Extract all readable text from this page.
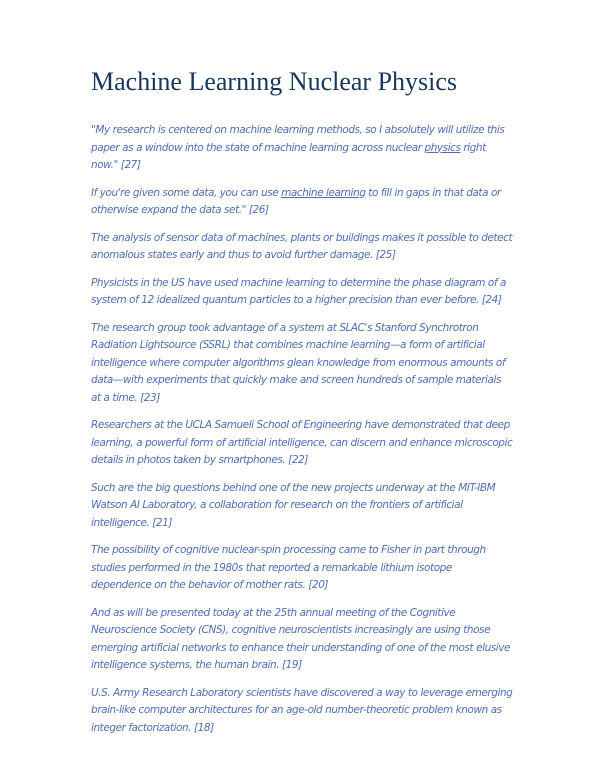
Machine Learning Nuclear Physics

"My research is centered on machine learning methods, so I absolutely will utilize this paper as a window into the state of machine learning across nuclear physics right now." [27]

If you're given some data, you can use machine learning to fill in gaps in that data or otherwise expand the data set." [26]

The analysis of sensor data of machines, plants or buildings makes it possible to detect anomalous states early and thus to avoid further damage. [25]

Physicists in the US have used machine learning to determine the phase diagram of a system of 12 idealized quantum particles to a higher precision than ever before. [24]

The research group took advantage of a system at SLAC's Stanford Synchrotron Radiation Lightsource (SSRL) that combines machine learning—a form of artificial intelligence where computer algorithms glean knowledge from enormous amounts of data—with experiments that quickly make and screen hundreds of sample materials at a time. [23]

Researchers at the UCLA Samueli School of Engineering have demonstrated that deep learning, a powerful form of artificial intelligence, can discern and enhance microscopic details in photos taken by smartphones. [22]

Such are the big questions behind one of the new projects underway at the MIT-IBM Watson AI Laboratory, a collaboration for research on the frontiers of artificial intelligence. [21]

The possibility of cognitive nuclear-spin processing came to Fisher in part through studies performed in the 1980s that reported a remarkable lithium isotope dependence on the behavior of mother rats. [20]

And as will be presented today at the 25th annual meeting of the Cognitive Neuroscience Society (CNS), cognitive neuroscientists increasingly are using those emerging artificial networks to enhance their understanding of one of the most elusive intelligence systems, the human brain. [19]

U.S. Army Research Laboratory scientists have discovered a way to leverage emerging brain-like computer architectures for an age-old number-theoretic problem known as integer factorization. [18]
